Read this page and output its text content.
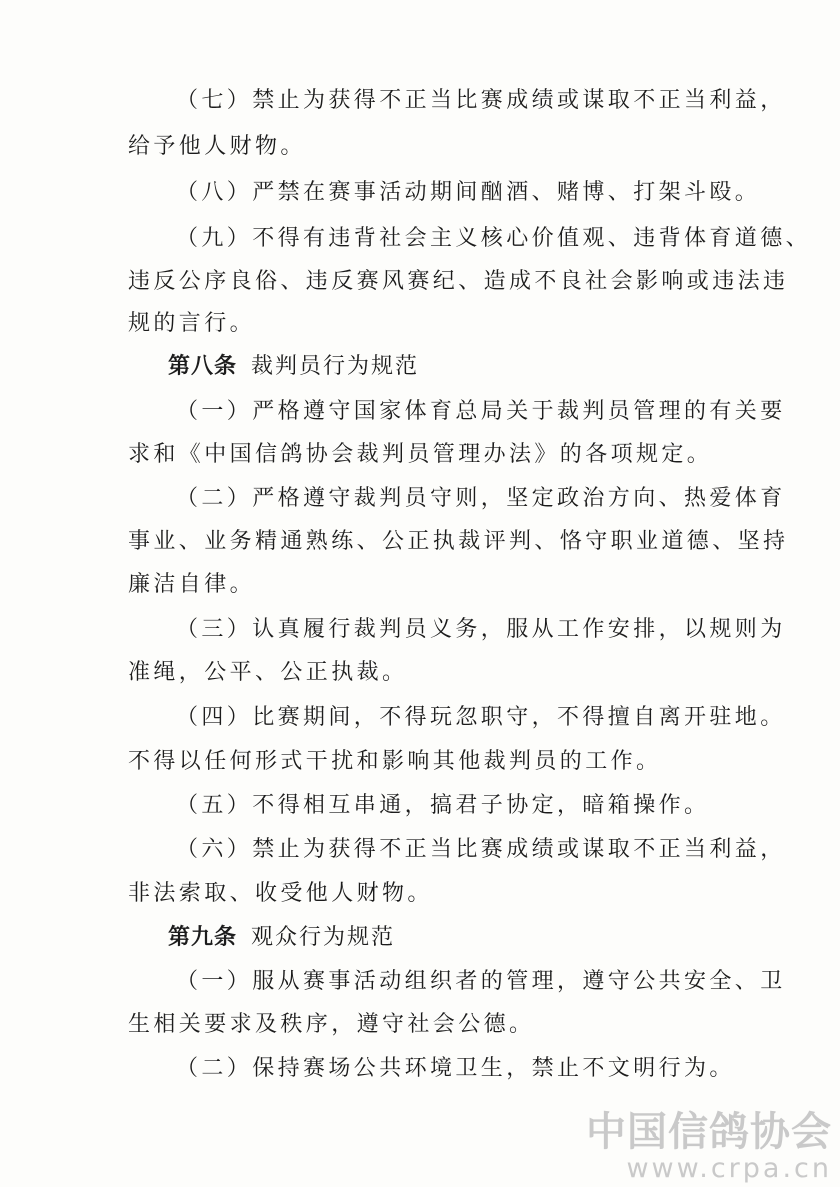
（七）禁止为获得不正当比赛成绩或谋取不正当利益，
给予他人财物。
（八）严禁在赛事活动期间酗酒、赌博、打架斗殴。
（九）不得有违背社会主义核心价值观、违背体育道德、
违反公序良俗、违反赛风赛纪、造成不良社会影响或违法违
规的言行。
第八条 裁判员行为规范
（一）严格遵守国家体育总局关于裁判员管理的有关要
求和《中国信鸽协会裁判员管理办法》的各项规定。
（二）严格遵守裁判员守则，坚定政治方向、热爱体育
事业、业务精通熟练、公正执裁评判、恪守职业道德、坚持
廉洁自律。
（三）认真履行裁判员义务，服从工作安排，以规则为
准绳，公平、公正执裁。
（四）比赛期间，不得玩忽职守，不得擅自离开驻地。
不得以任何形式干扰和影响其他裁判员的工作。
（五）不得相互串通，搞君子协定，暗箱操作。
（六）禁止为获得不正当比赛成绩或谋取不正当利益，
非法索取、收受他人财物。
第九条 观众行为规范
（一）服从赛事活动组织者的管理，遵守公共安全、卫
生相关要求及秩序，遵守社会公德。
（二）保持赛场公共环境卫生，禁止不文明行为。
中国信鸽协会
www.crpa.cn
